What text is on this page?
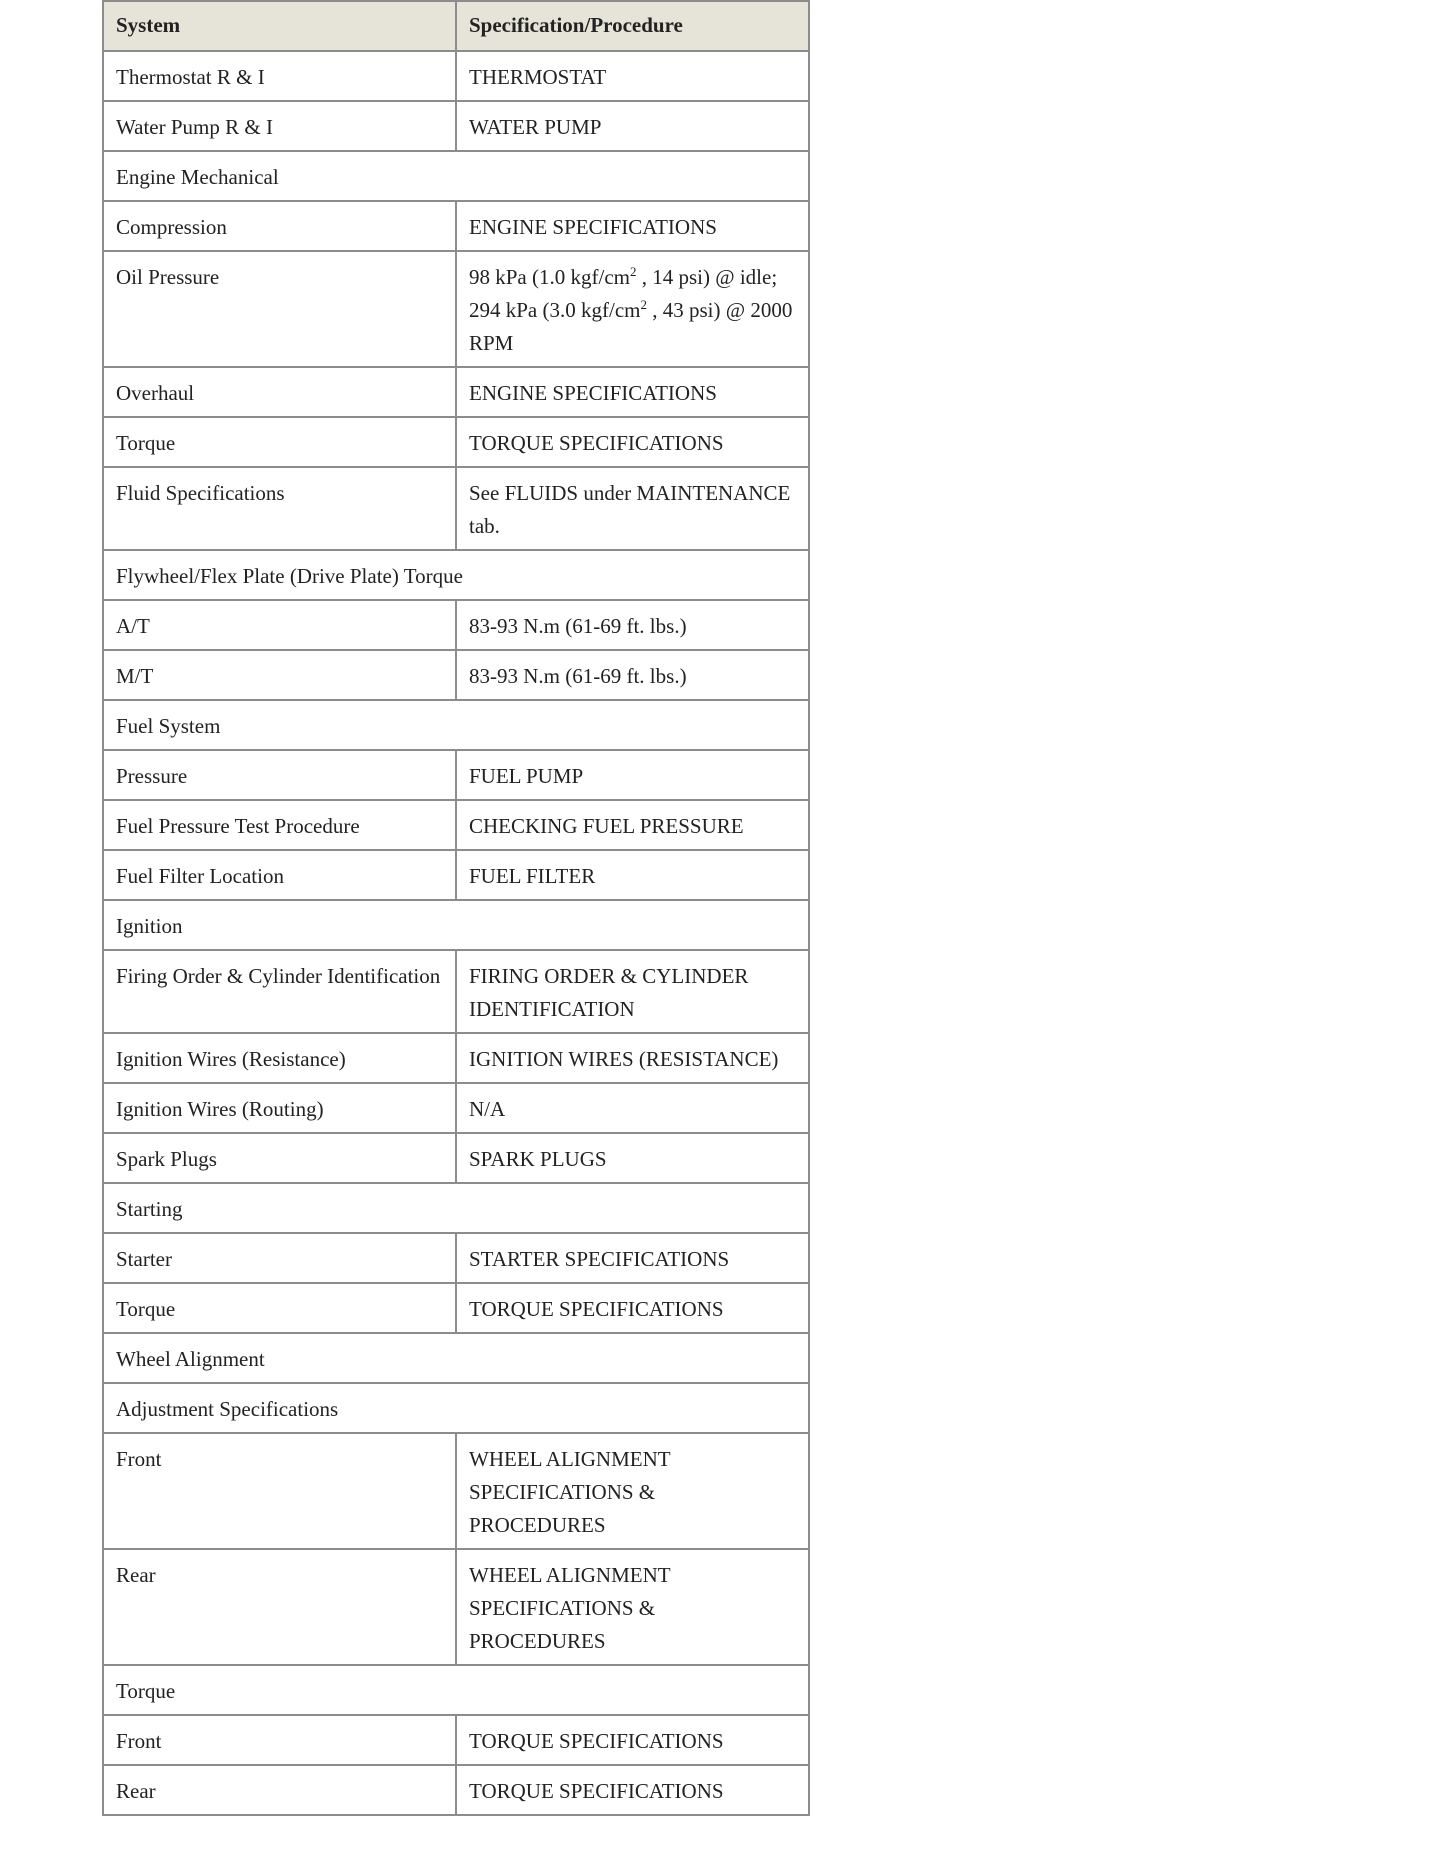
System	Specification/Procedure
Thermostat R & I	THERMOSTAT
Water Pump R & I	WATER PUMP
Engine Mechanical	
Compression	ENGINE SPECIFICATIONS
Oil Pressure	98 kPa (1.0 kgf/$cm^2$ , 14 psi) @ idle; 294 kPa (3.0 kgf/$cm^2$ , 43 psi) @ 2000 RPM
Overhaul	ENGINE SPECIFICATIONS
Torque	TORQUE SPECIFICATIONS
Fluid Specifications	See FLUIDS under MAINTENANCE tab.
Flywheel/Flex Plate (Drive Plate) Torque	
A/T	83-93 N.m (61-69 ft. lbs.)
M/T	83-93 N.m (61-69 ft. lbs.)
Fuel System	
Pressure	FUEL PUMP
Fuel Pressure Test Procedure	CHECKING FUEL PRESSURE
Fuel Filter Location	FUEL FILTER
Ignition	
Firing Order & Cylinder Identification	FIRING ORDER & CYLINDER IDENTIFICATION
Ignition Wires (Resistance)	IGNITION WIRES (RESISTANCE)
Ignition Wires (Routing)	N/A
Spark Plugs	SPARK PLUGS
Starting	
Starter	STARTER SPECIFICATIONS
Torque	TORQUE SPECIFICATIONS
Wheel Alignment	
Adjustment Specifications	
Front	WHEEL ALIGNMENT SPECIFICATIONS & PROCEDURES
Rear	WHEEL ALIGNMENT SPECIFICATIONS & PROCEDURES
Torque	
Front	TORQUE SPECIFICATIONS
Rear	TORQUE SPECIFICATIONS
